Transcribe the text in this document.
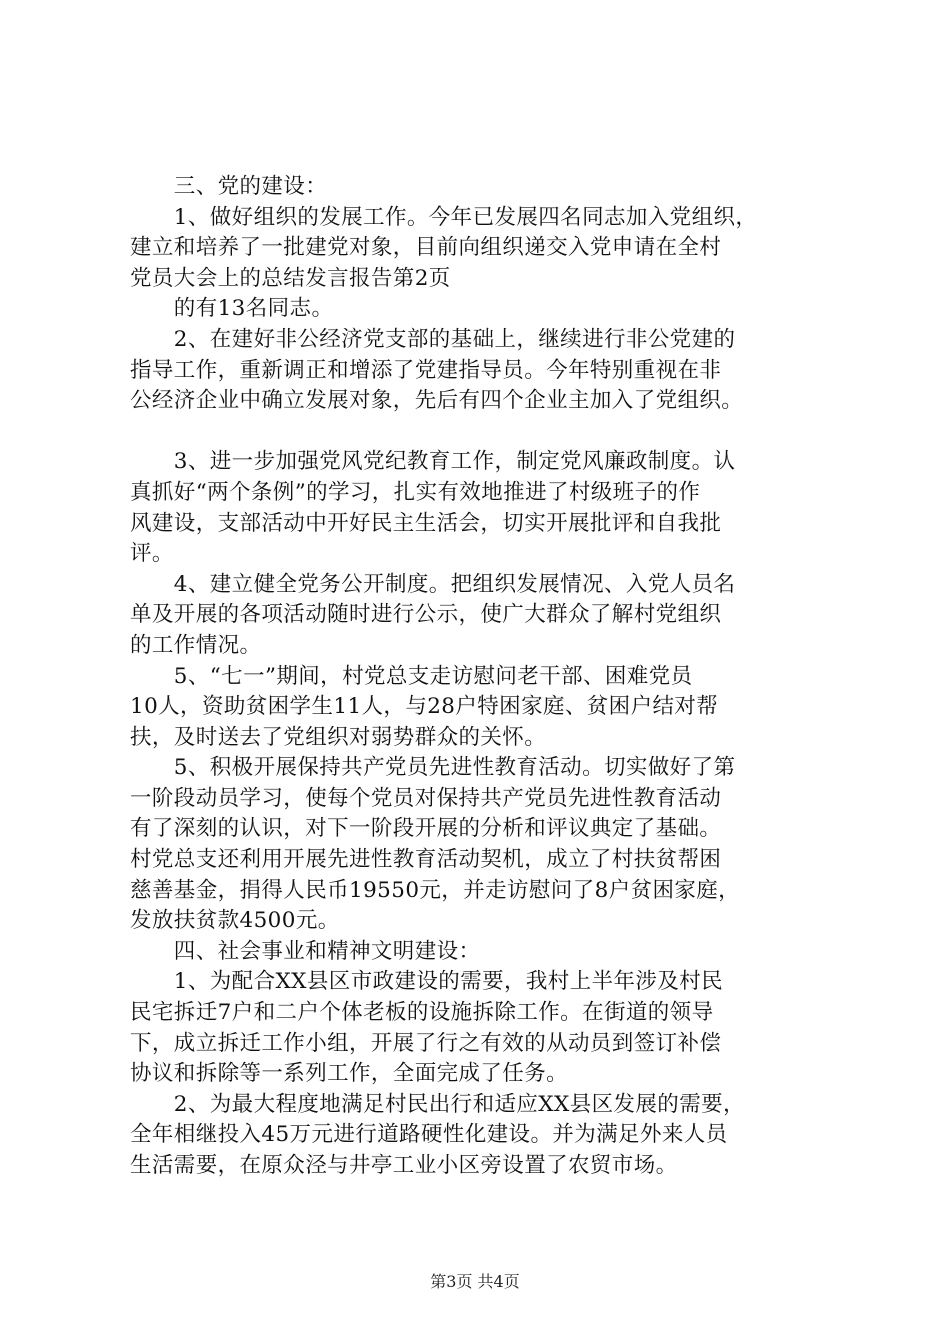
　　三、党的建设：
　　1、做好组织的发展工作。今年已发展四名同志加入党组织，
建立和培养了一批建党对象，目前向组织递交入党申请在全村
党员大会上的总结发言报告第2页
　　的有13名同志。
　　2、在建好非公经济党支部的基础上，继续进行非公党建的
指导工作，重新调正和增添了党建指导员。今年特别重视在非
公经济企业中确立发展对象，先后有四个企业主加入了党组织。
　　3、进一步加强党风党纪教育工作，制定党风廉政制度。认
真抓好“两个条例”的学习，扎实有效地推进了村级班子的作
风建设，支部活动中开好民主生活会，切实开展批评和自我批
评。
　　4、建立健全党务公开制度。把组织发展情况、入党人员名
单及开展的各项活动随时进行公示，使广大群众了解村党组织
的工作情况。
　　5、“七一”期间，村党总支走访慰问老干部、困难党员
10人，资助贫困学生11人，与28户特困家庭、贫困户结对帮
扶，及时送去了党组织对弱势群众的关怀。
　　5、积极开展保持共产党员先进性教育活动。切实做好了第
一阶段动员学习，使每个党员对保持共产党员先进性教育活动
有了深刻的认识，对下一阶段开展的分析和评议典定了基础。
村党总支还利用开展先进性教育活动契机，成立了村扶贫帮困
慈善基金，捐得人民币19550元，并走访慰问了8户贫困家庭，
发放扶贫款4500元。
　　四、社会事业和精神文明建设：
　　1、为配合XX县区市政建设的需要，我村上半年涉及村民
民宅拆迁7户和二户个体老板的设施拆除工作。在街道的领导
下，成立拆迁工作小组，开展了行之有效的从动员到签订补偿
协议和拆除等一系列工作，全面完成了任务。
　　2、为最大程度地满足村民出行和适应XX县区发展的需要，
全年相继投入45万元进行道路硬性化建设。并为满足外来人员
生活需要，在原众泾与井亭工业小区旁设置了农贸市场。
第3页 共4页
